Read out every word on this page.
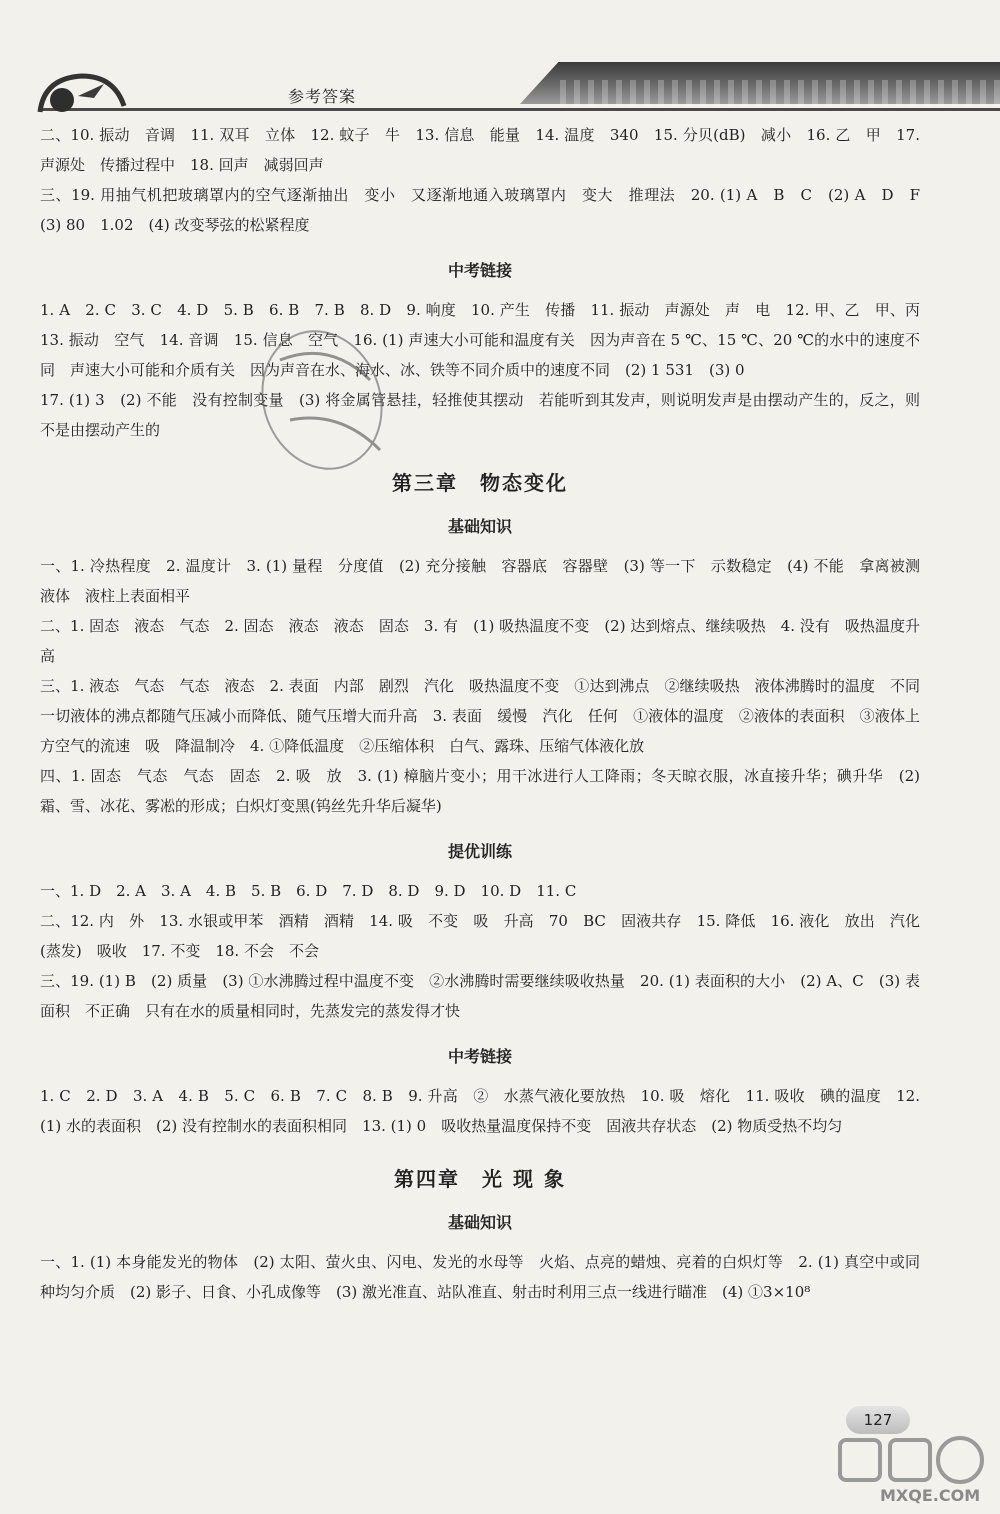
参考答案
二、10. 振动　音调　11. 双耳　立体　12. 蚊子　牛　13. 信息　能量　14. 温度　340　15. 分贝(dB)　减小　16. 乙　甲　17. 声源处　传播过程中　18. 回声　减弱回声
三、19. 用抽气机把玻璃罩内的空气逐渐抽出　变小　又逐渐地通入玻璃罩内　变大　推理法　20. (1) A　B　C　(2) A　D　F　(3) 80　1.02　(4) 改变琴弦的松紧程度
中考链接
1. A　2. C　3. C　4. D　5. B　6. B　7. B　8. D　9. 响度　10. 产生　传播　11. 振动　声源处　声　电　12. 甲、乙　甲、丙　13. 振动　空气　14. 音调　15. 信息　空气　16. (1) 声速大小可能和温度有关　因为声音在 5 ℃、15 ℃、20 ℃的水中的速度不同　声速大小可能和介质有关　因为声音在水、海水、冰、铁等不同介质中的速度不同　(2) 1 531　(3) 0
17. (1) 3　(2) 不能　没有控制变量　(3) 将金属管悬挂，轻推使其摆动　若能听到其发声，则说明发声是由摆动产生的，反之，则不是由摆动产生的
第三章　物态变化
基础知识
一、1. 冷热程度　2. 温度计　3. (1) 量程　分度值　(2) 充分接触　容器底　容器壁　(3) 等一下　示数稳定　(4) 不能　拿离被测液体　液柱上表面相平
二、1. 固态　液态　气态　2. 固态　液态　液态　固态　3. 有　(1) 吸热温度不变　(2) 达到熔点、继续吸热　4. 没有　吸热温度升高
三、1. 液态　气态　气态　液态　2. 表面　内部　剧烈　汽化　吸热温度不变　①达到沸点　②继续吸热　液体沸腾时的温度　不同　一切液体的沸点都随气压减小而降低、随气压增大而升高　3. 表面　缓慢　汽化　任何　①液体的温度　②液体的表面积　③液体上方空气的流速　吸　降温制冷　4. ①降低温度　②压缩体积　白气、露珠、压缩气体液化放
四、1. 固态　气态　气态　固态　2. 吸　放　3. (1) 樟脑片变小；用干冰进行人工降雨；冬天晾衣服，冰直接升华；碘升华　(2) 霜、雪、冰花、雾凇的形成；白炽灯变黑(钨丝先升华后凝华)
提优训练
一、1. D　2. A　3. A　4. B　5. B　6. D　7. D　8. D　9. D　10. D　11. C
二、12. 内　外　13. 水银或甲苯　酒精　酒精　14. 吸　不变　吸　升高　70　BC　固液共存　15. 降低　16. 液化　放出　汽化(蒸发)　吸收　17. 不变　18. 不会　不会
三、19. (1) B　(2) 质量　(3) ①水沸腾过程中温度不变　②水沸腾时需要继续吸收热量　20. (1) 表面积的大小　(2) A、C　(3) 表面积　不正确　只有在水的质量相同时，先蒸发完的蒸发得才快
中考链接
1. C　2. D　3. A　4. B　5. C　6. B　7. C　8. B　9. 升高　②　水蒸气液化要放热　10. 吸　熔化　11. 吸收　碘的温度　12. (1) 水的表面积　(2) 没有控制水的表面积相同　13. (1) 0　吸收热量温度保持不变　固液共存状态　(2) 物质受热不均匀
第四章　光 现 象
基础知识
一、1. (1) 本身能发光的物体　(2) 太阳、萤火虫、闪电、发光的水母等　火焰、点亮的蜡烛、亮着的白炽灯等　2. (1) 真空中或同种均匀介质　(2) 影子、日食、小孔成像等　(3) 激光准直、站队准直、射击时利用三点一线进行瞄准　(4) ①3×10⁸
127
MXQE.COM
